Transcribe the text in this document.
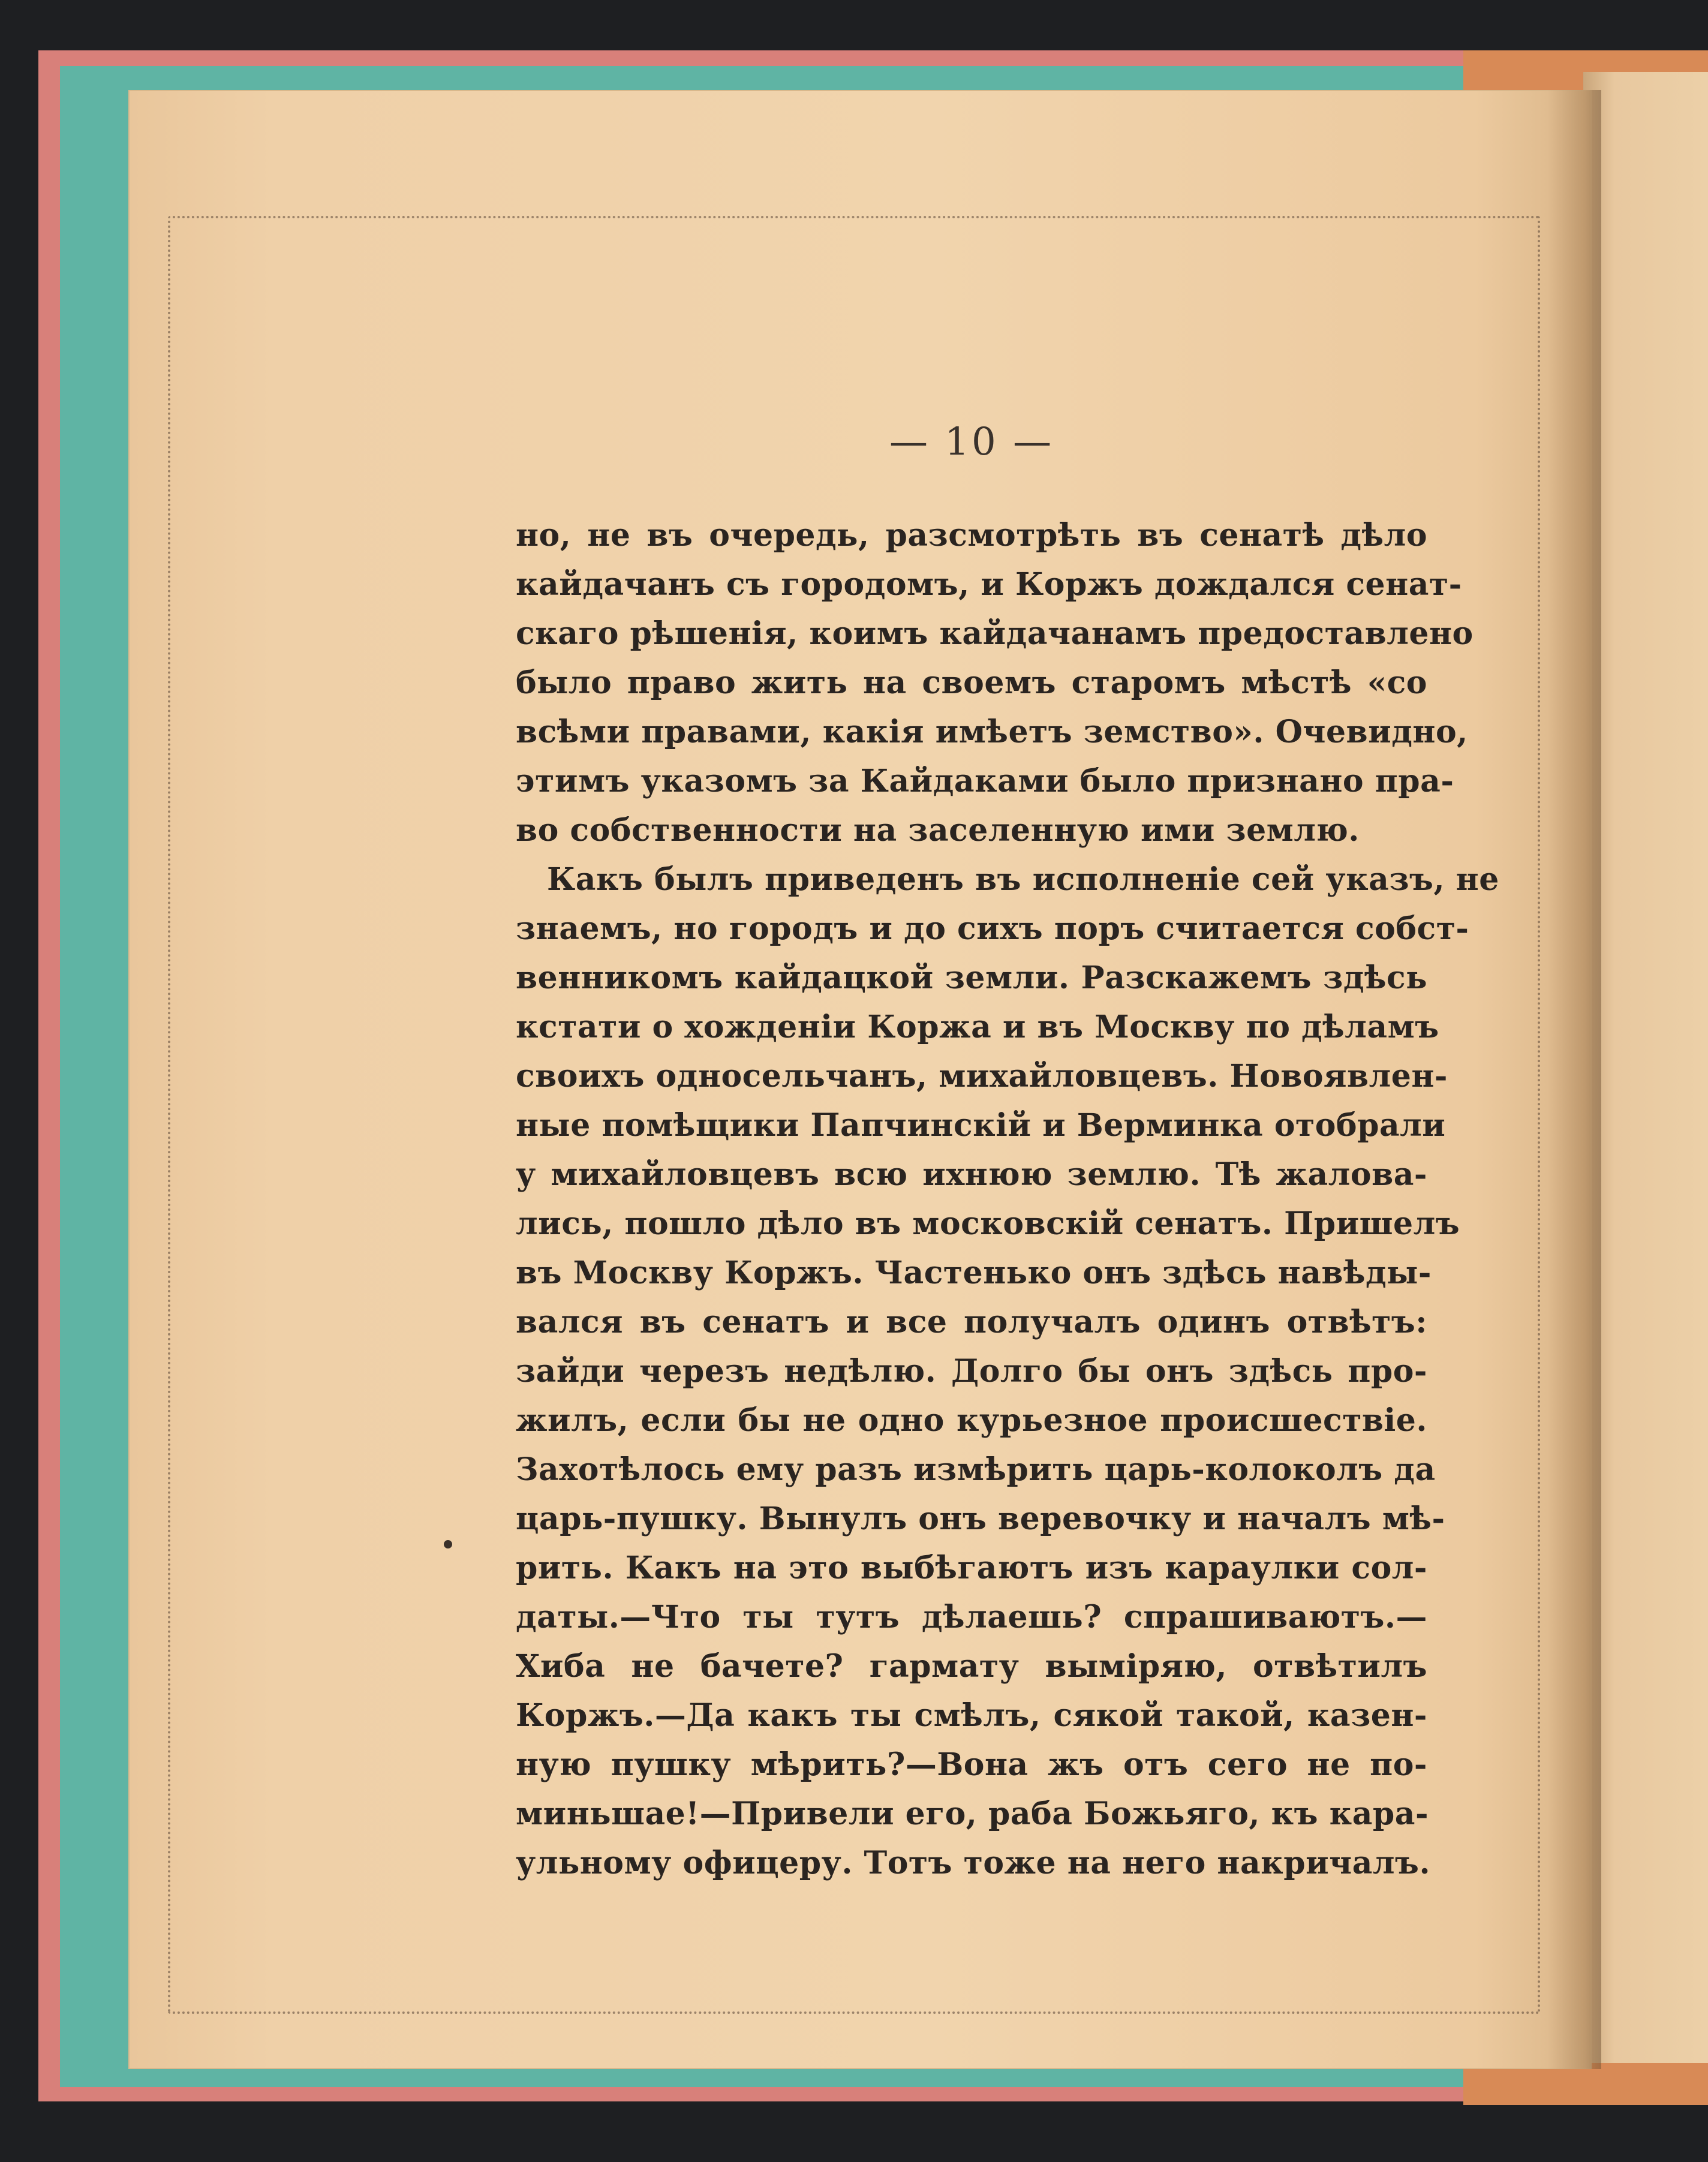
— 10 —
но, не въ очередь, разсмотрѣть въ сенатѣ дѣло
кайдачанъ съ городомъ, и Коржъ дождался сенат-
скаго рѣшенія, коимъ кайдачанамъ предоставлено
было право жить на своемъ старомъ мѣстѣ «со
всѣми правами, какія имѣетъ земство». Очевидно,
этимъ указомъ за Кайдаками было признано пра-
во собственности на заселенную ими землю.
Какъ былъ приведенъ въ исполненіе сей указъ, не
знаемъ, но городъ и до сихъ поръ считается собст-
венникомъ кайдацкой земли. Разскажемъ здѣсь
кстати о хожденіи Коржа и въ Москву по дѣламъ
своихъ односельчанъ, михайловцевъ. Новоявлен-
ные помѣщики Папчинскій и Верминка отобрали
у михайловцевъ всю ихнюю землю. Тѣ жалова-
лись, пошло дѣло въ московскій сенатъ. Пришелъ
въ Москву Коржъ. Частенько онъ здѣсь навѣды-
вался въ сенатъ и все получалъ одинъ отвѣтъ:
зайди черезъ недѣлю. Долго бы онъ здѣсь про-
жилъ, если бы не одно курьезное происшествіе.
Захотѣлось ему разъ измѣрить царь-колоколъ да
царь-пушку. Вынулъ онъ веревочку и началъ мѣ-
рить. Какъ на это выбѣгаютъ изъ караулки сол-
даты.—Что ты тутъ дѣлаешь? спрашиваютъ.—
Хиба не бачете? гармату выміряю, отвѣтилъ
Коржъ.—Да какъ ты смѣлъ, сякой такой, казен-
ную пушку мѣрить?—Вона жъ отъ сего не по-
миньшае!—Привели его, раба Божьяго, къ кара-
ульному офицеру. Тотъ тоже на него накричалъ.
